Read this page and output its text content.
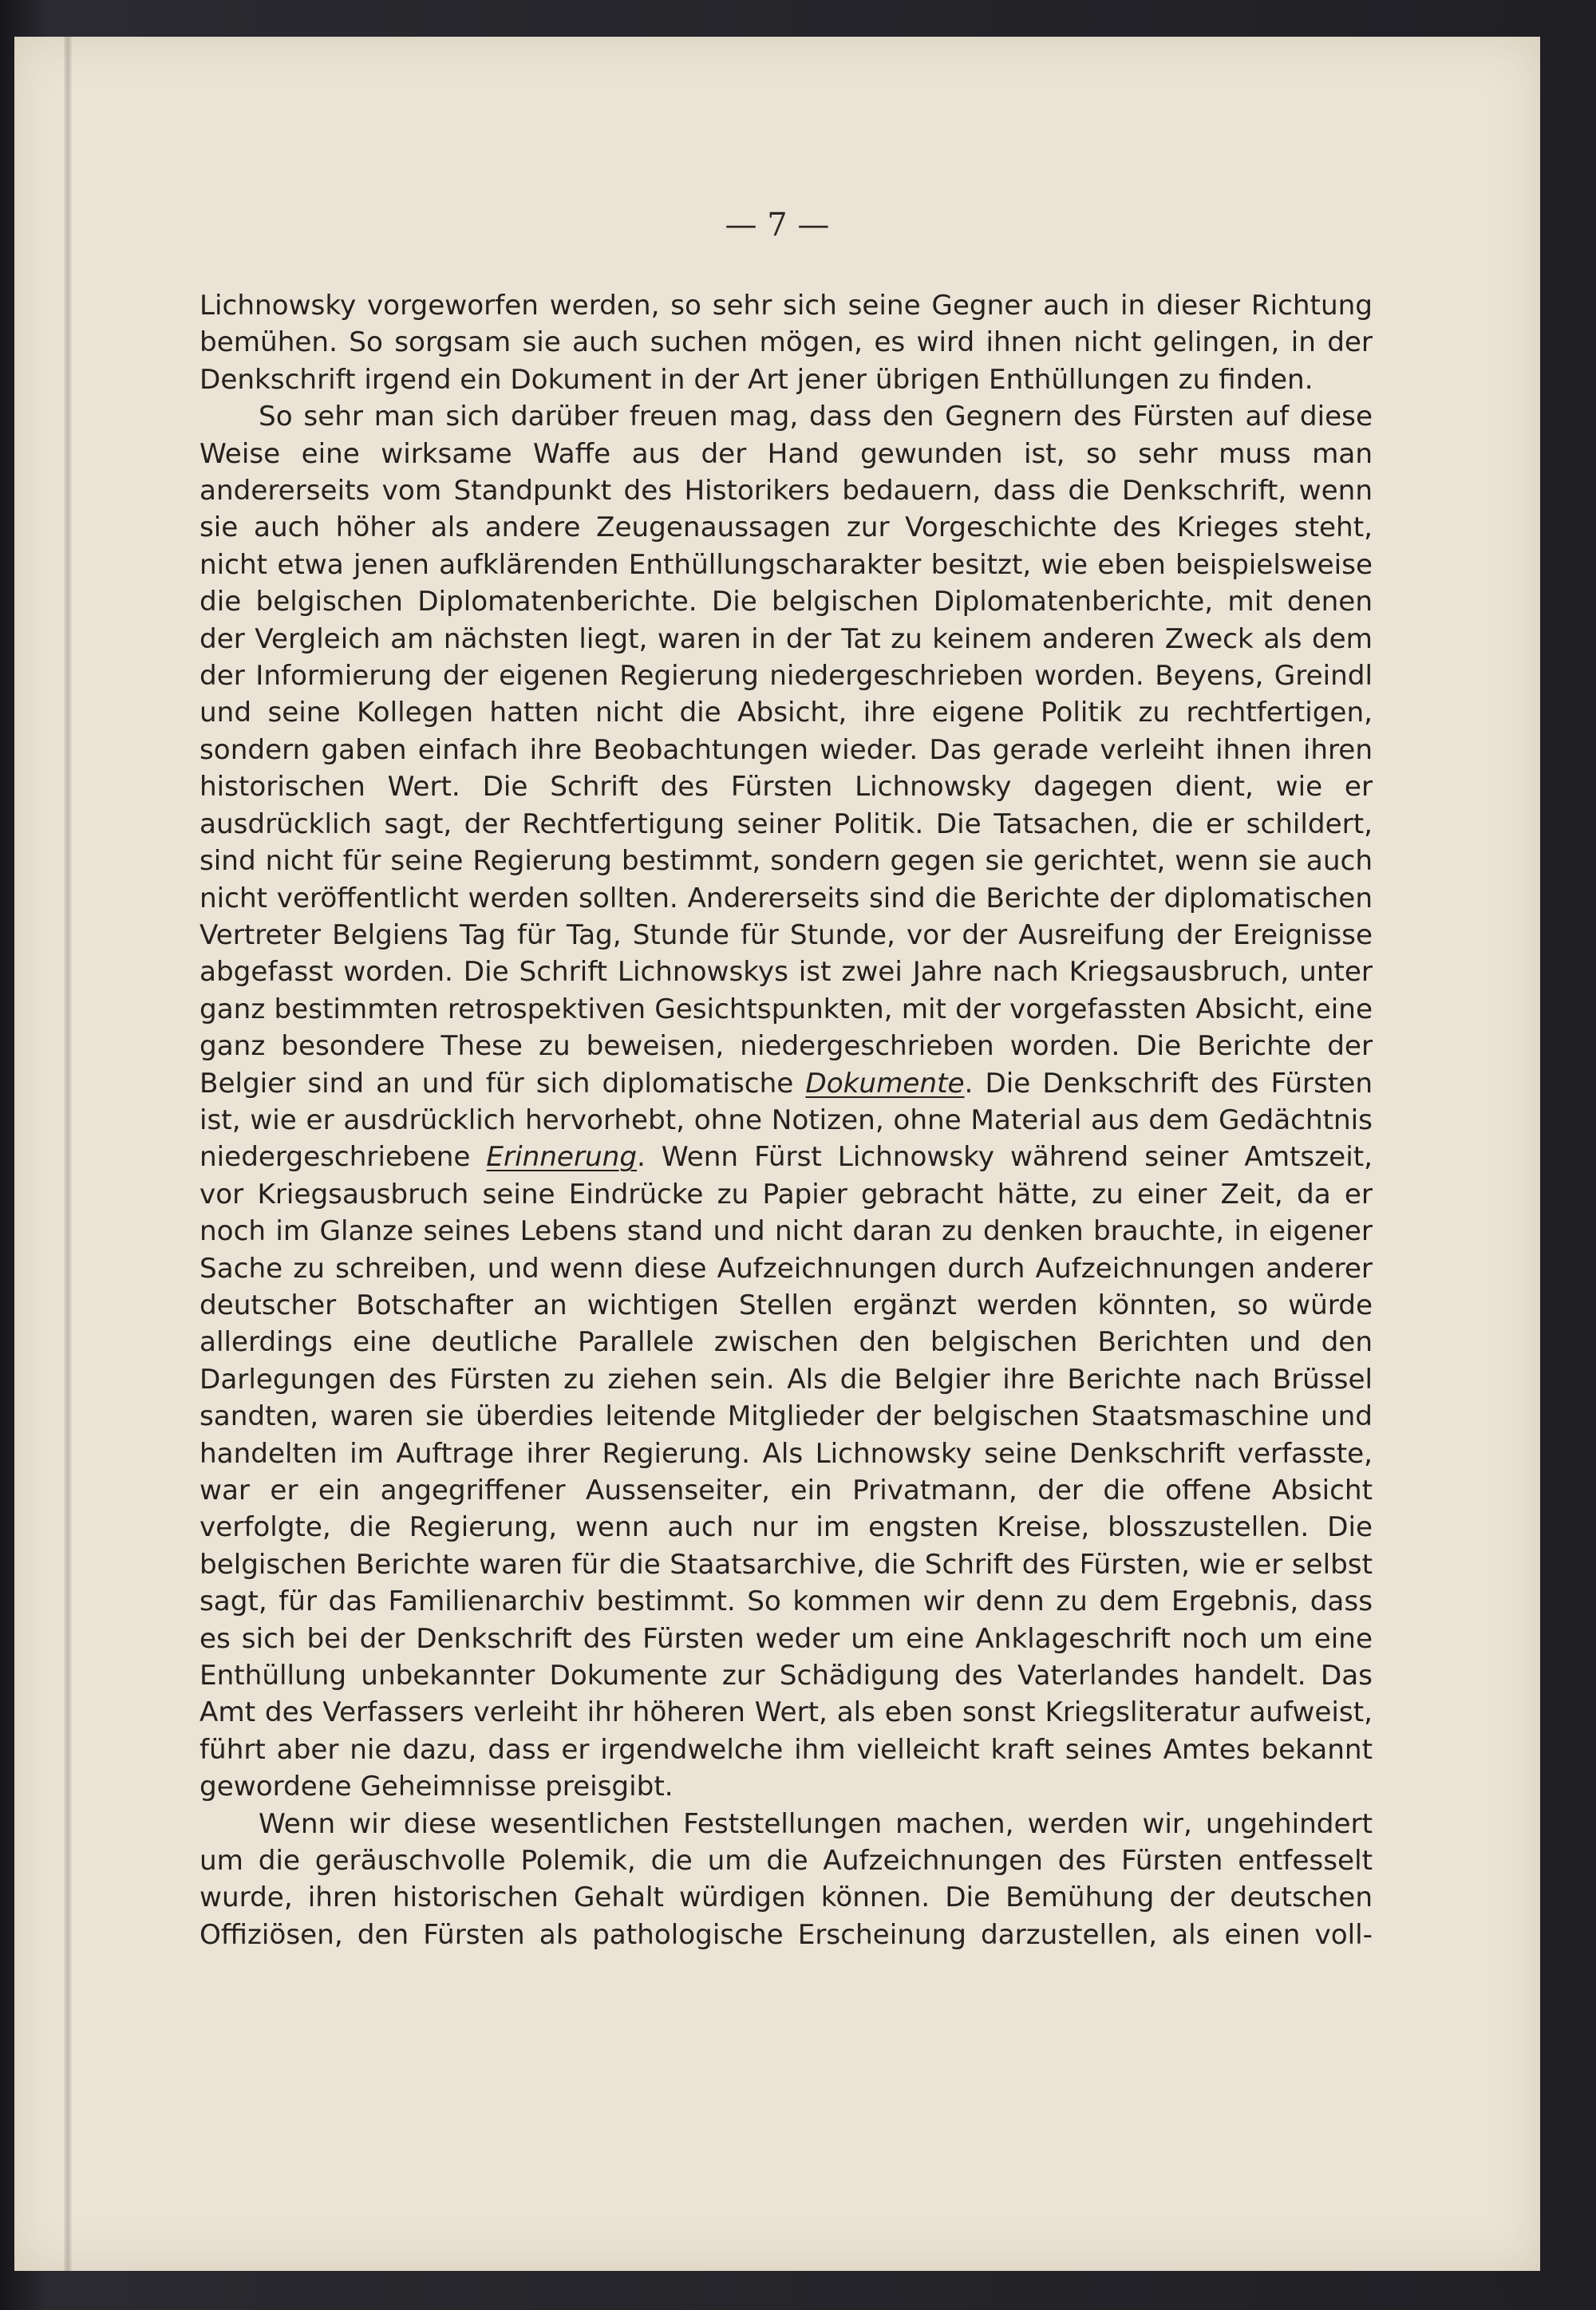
— 7 —

Lichnowsky vorgeworfen werden, so sehr sich seine Gegner auch in dieser Richtung bemühen. So sorgsam sie auch suchen mögen, es wird ihnen nicht gelingen, in der Denkschrift irgend ein Dokument in der Art jener übrigen Enthüllungen zu finden.

So sehr man sich darüber freuen mag, dass den Gegnern des Fürsten auf diese Weise eine wirksame Waffe aus der Hand gewunden ist, so sehr muss man andererseits vom Standpunkt des Historikers bedauern, dass die Denkschrift, wenn sie auch höher als andere Zeugenaussagen zur Vorgeschichte des Krieges steht, nicht etwa jenen aufklärenden Enthüllungscharakter besitzt, wie eben beispielsweise die belgischen Diplomatenberichte. Die belgischen Diplomatenberichte, mit denen der Vergleich am nächsten liegt, waren in der Tat zu keinem anderen Zweck als dem der Informierung der eigenen Regierung niedergeschrieben worden. Beyens, Greindl und seine Kollegen hatten nicht die Absicht, ihre eigene Politik zu rechtfertigen, sondern gaben einfach ihre Beobachtungen wieder. Das gerade verleiht ihnen ihren historischen Wert. Die Schrift des Fürsten Lichnowsky dagegen dient, wie er ausdrücklich sagt, der Rechtfertigung seiner Politik. Die Tatsachen, die er schildert, sind nicht für seine Regierung bestimmt, sondern gegen sie gerichtet, wenn sie auch nicht veröffentlicht werden sollten. Andererseits sind die Berichte der diplomatischen Vertreter Belgiens Tag für Tag, Stunde für Stunde, vor der Ausreifung der Ereignisse abgefasst worden. Die Schrift Lichnowskys ist zwei Jahre nach Kriegsausbruch, unter ganz bestimmten retrospektiven Gesichtspunkten, mit der vorgefassten Absicht, eine ganz besondere These zu beweisen, niedergeschrieben worden. Die Berichte der Belgier sind an und für sich diplomatische Dokumente. Die Denkschrift des Fürsten ist, wie er ausdrücklich hervorhebt, ohne Notizen, ohne Material aus dem Gedächtnis niedergeschriebene Erinnerung. Wenn Fürst Lichnowsky während seiner Amtszeit, vor Kriegsausbruch seine Eindrücke zu Papier gebracht hätte, zu einer Zeit, da er noch im Glanze seines Lebens stand und nicht daran zu denken brauchte, in eigener Sache zu schreiben, und wenn diese Aufzeichnungen durch Aufzeichnungen anderer deutscher Botschafter an wichtigen Stellen ergänzt werden könnten, so würde allerdings eine deutliche Parallele zwischen den belgischen Berichten und den Darlegungen des Fürsten zu ziehen sein. Als die Belgier ihre Berichte nach Brüssel sandten, waren sie überdies leitende Mitglieder der belgischen Staatsmaschine und handelten im Auftrage ihrer Regierung. Als Lichnowsky seine Denkschrift verfasste, war er ein angegriffener Aussenseiter, ein Privatmann, der die offene Absicht verfolgte, die Regierung, wenn auch nur im engsten Kreise, blosszustellen. Die belgischen Berichte waren für die Staatsarchive, die Schrift des Fürsten, wie er selbst sagt, für das Familienarchiv bestimmt. So kommen wir denn zu dem Ergebnis, dass es sich bei der Denkschrift des Fürsten weder um eine Anklageschrift noch um eine Enthüllung unbekannter Dokumente zur Schädigung des Vaterlandes handelt. Das Amt des Verfassers verleiht ihr höheren Wert, als eben sonst Kriegsliteratur aufweist, führt aber nie dazu, dass er irgendwelche ihm vielleicht kraft seines Amtes bekannt gewordene Geheimnisse preisgibt.

Wenn wir diese wesentlichen Feststellungen machen, werden wir, ungehindert um die geräuschvolle Polemik, die um die Aufzeichnungen des Fürsten entfesselt wurde, ihren historischen Gehalt würdigen können. Die Bemühung der deutschen Offiziösen, den Fürsten als pathologische Erscheinung darzustellen, als einen voll-
